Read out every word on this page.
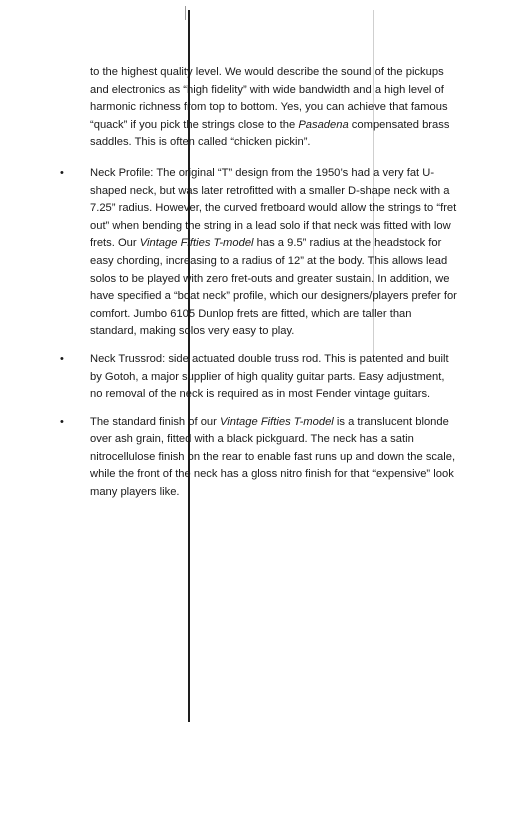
to the highest quality level. We would describe the sound of the pickups and electronics as “high fidelity” with wide bandwidth and a high level of harmonic richness from top to bottom. Yes, you can achieve that famous “quack” if you pick the strings close to the Pasadena compensated brass saddles. This is often called “chicken pickin”.

• Neck Profile: The original “T” design from the 1950’s had a very fat U-shaped neck, but was later retrofitted with a smaller D-shape neck with a 7.25” radius. However, the curved fretboard would allow the strings to “fret out” when bending the string in a lead solo if that neck was fitted with low frets. Our Vintage Fifties T-model has a 9.5” radius at the headstock for easy chording, increasing to a radius of 12” at the body. This allows lead solos to be played with zero fret-outs and greater sustain. In addition, we have specified a “boat neck” profile, which our designers/players prefer for comfort. Jumbo 6105 Dunlop frets are fitted, which are taller than standard, making solos very easy to play.
• Neck Trussrod: side actuated double truss rod. This is patented and built by Gotoh, a major supplier of high quality guitar parts. Easy adjustment, no removal of the neck is required as in most Fender vintage guitars.
• The standard finish of our Vintage Fifties T-model is a translucent blonde over ash grain, fitted with a black pickguard. The neck has a satin nitrocellulose finish on the rear to enable fast runs up and down the scale, while the front of the neck has a gloss nitro finish for that “expensive” look many players like.
